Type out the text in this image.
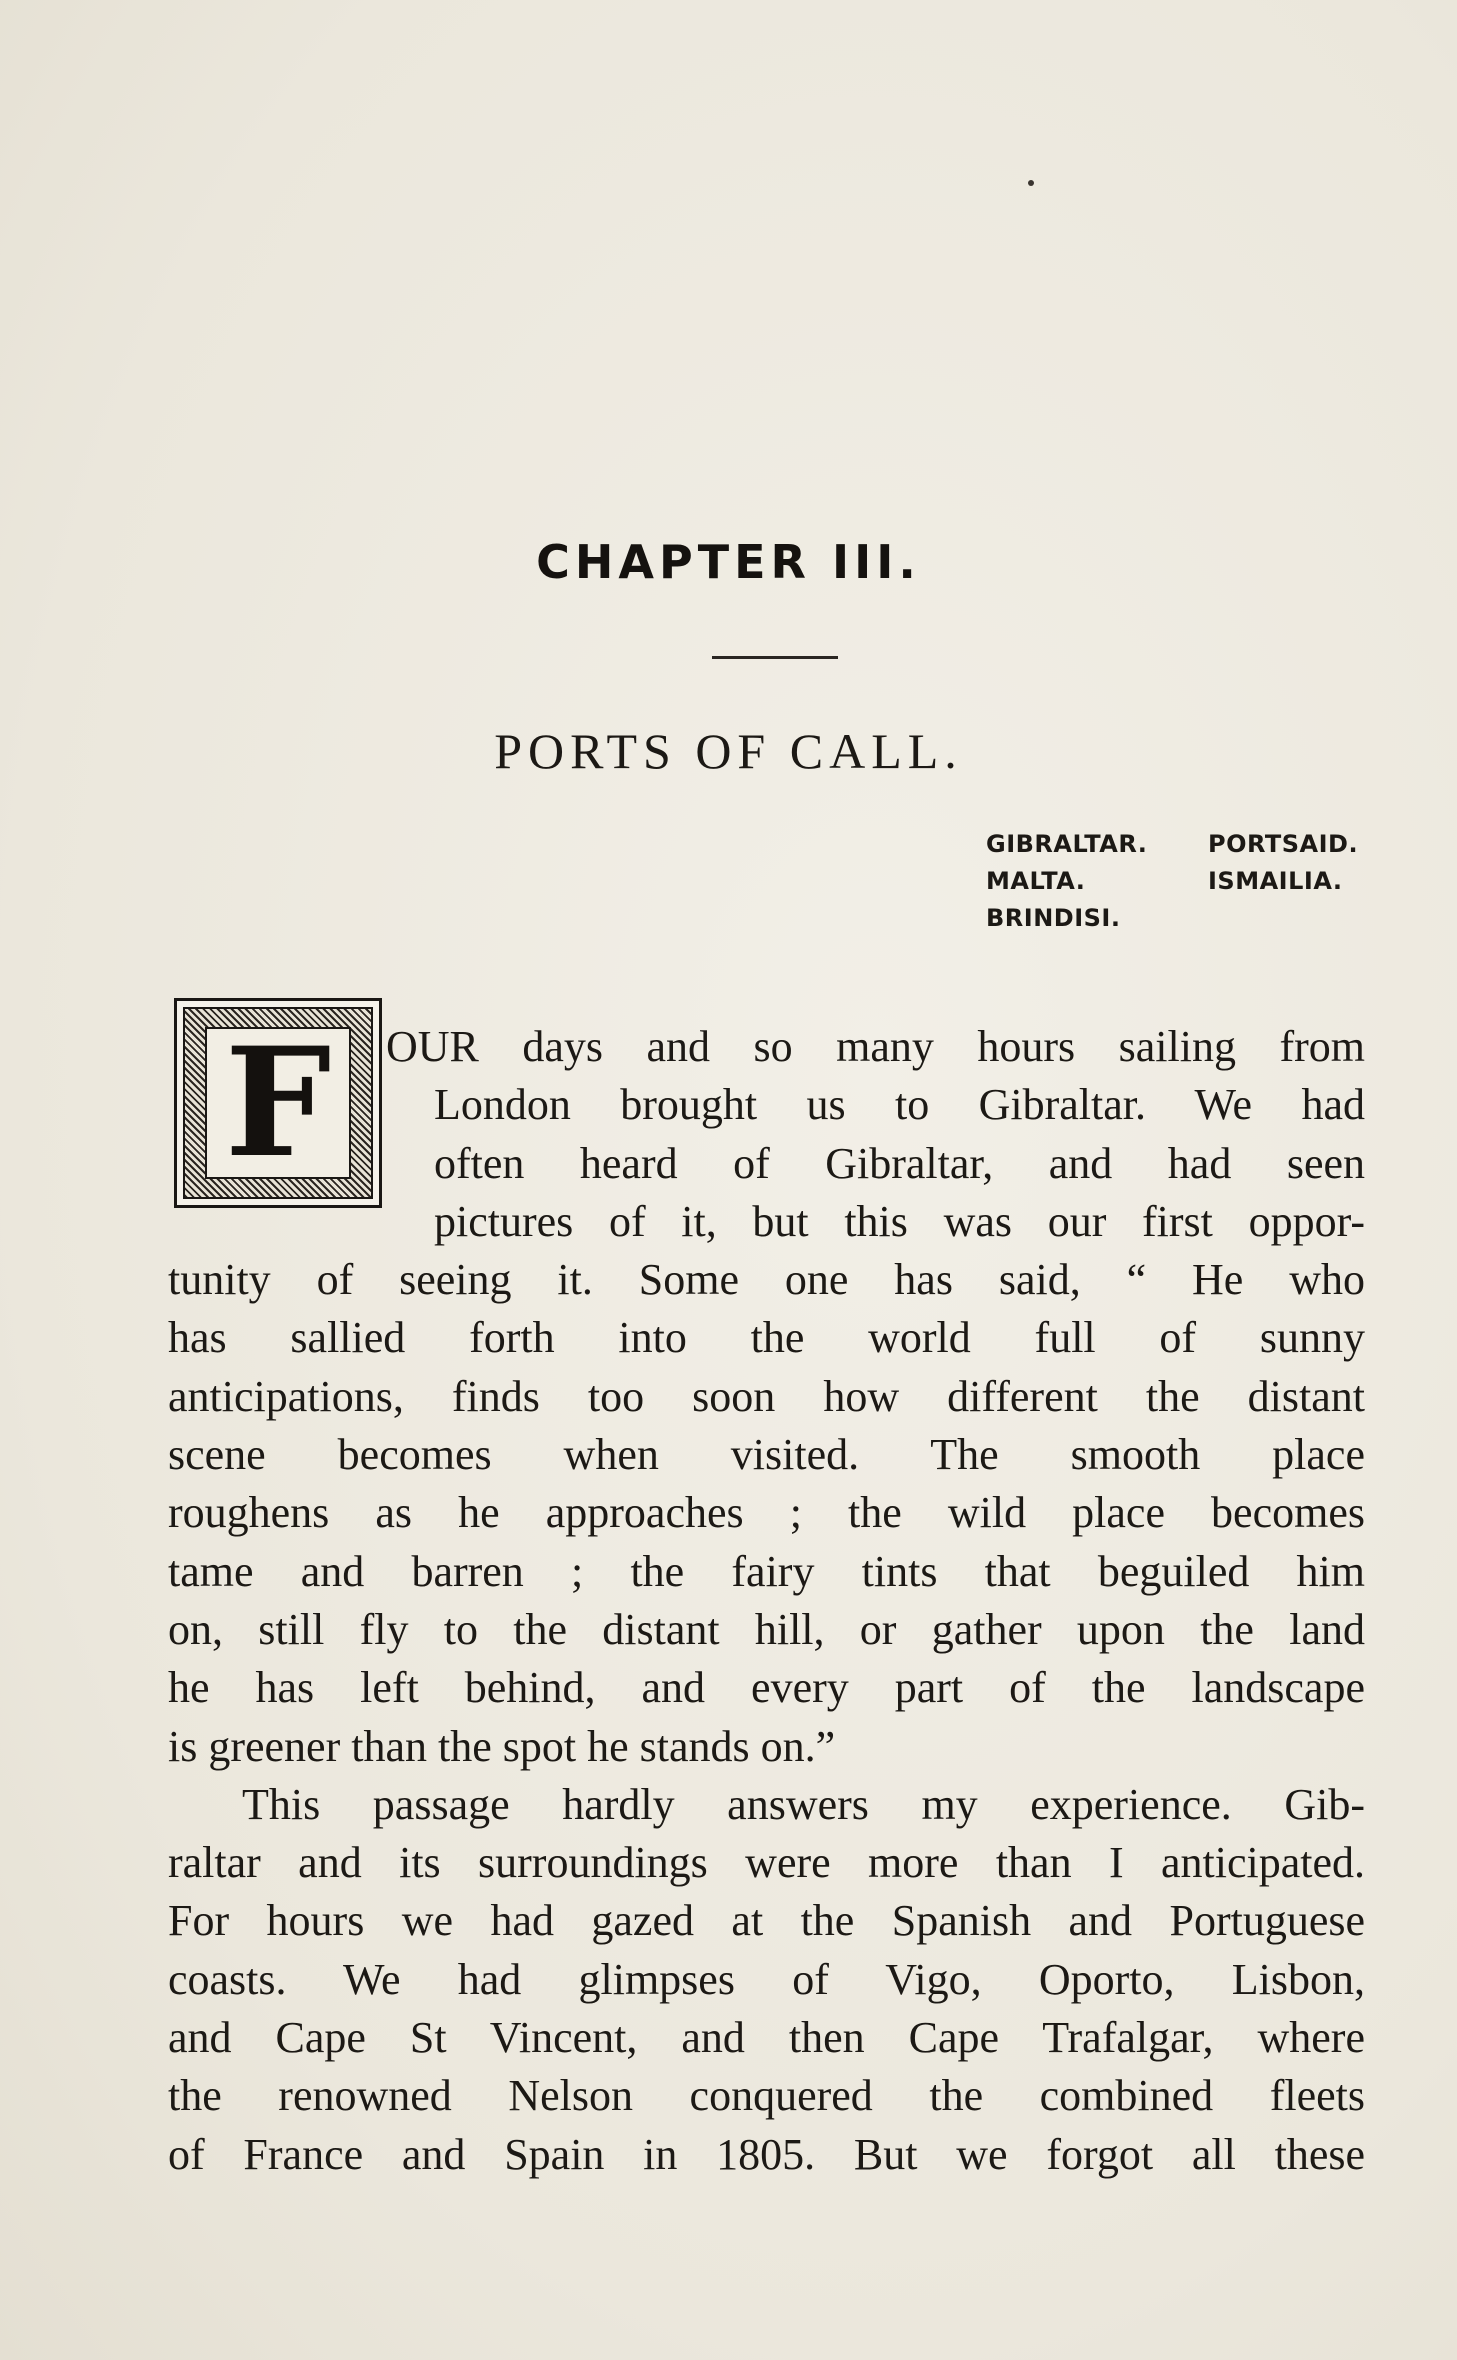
CHAPTER III.
PORTS OF CALL.
GIBRALTAR.	PORTSAID.
MALTA.	ISMAILIA.
BRINDISI.
F	OUR days and so many hours sailing from
London brought us to Gibraltar. We had
often heard of Gibraltar, and had seen
pictures of it, but this was our first oppor-
tunity of seeing it. Some one has said, “ He who
has sallied forth into the world full of sunny
anticipations, finds too soon how different the distant
scene becomes when visited. The smooth place
roughens as he approaches ; the wild place becomes
tame and barren ; the fairy tints that beguiled him
on, still fly to the distant hill, or gather upon the land
he has left behind, and every part of the landscape
is greener than the spot he stands on.”
This passage hardly answers my experience. Gib-
raltar and its surroundings were more than I anticipated.
For hours we had gazed at the Spanish and Portuguese
coasts. We had glimpses of Vigo, Oporto, Lisbon,
and Cape St Vincent, and then Cape Trafalgar, where
the renowned Nelson conquered the combined fleets
of France and Spain in 1805. But we forgot all these
